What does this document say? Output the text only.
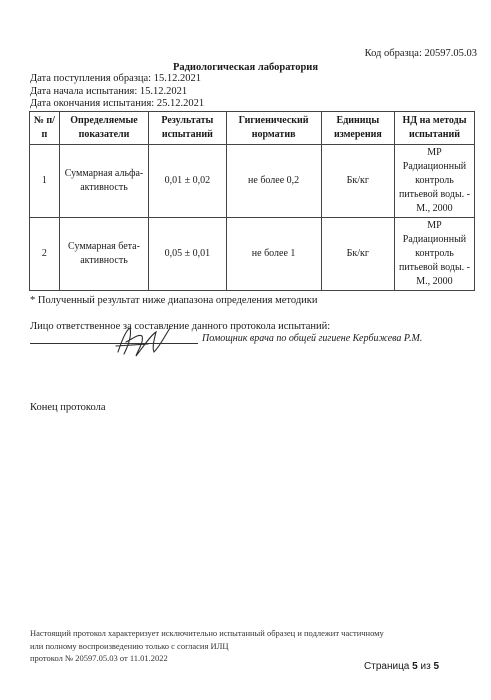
Код образца: 20597.05.03
Радиологическая лаборатория
Дата поступления образца: 15.12.2021
Дата начала испытания: 15.12.2021
Дата окончания испытания: 25.12.2021
№ п/п	Определяемые показатели	Результаты испытаний	Гигиенический норматив	Единицы измерения	НД на методы испытаний
1	Суммарная альфа-активность	0,01 ± 0,02	не более 0,2	Бк/кг	МР Радиационный контроль питьевой воды. - М., 2000
2	Суммарная бета-активность	0,05 ± 0,01	не более 1	Бк/кг	МР Радиационный контроль питьевой воды. - М., 2000
* Полученный результат ниже диапазона определения методики
Лицо ответственное за составление данного протокола испытаний:
Помощник врача по общей гигиене Кербижева Р.М.
Конец протокола
Настоящий протокол характеризует исключительно испытанный образец и подлежит частичному
или полному воспроизведению только с согласия ИЛЦ
протокол № 20597.05.03 от 11.01.2022
Страница 5 из 5
